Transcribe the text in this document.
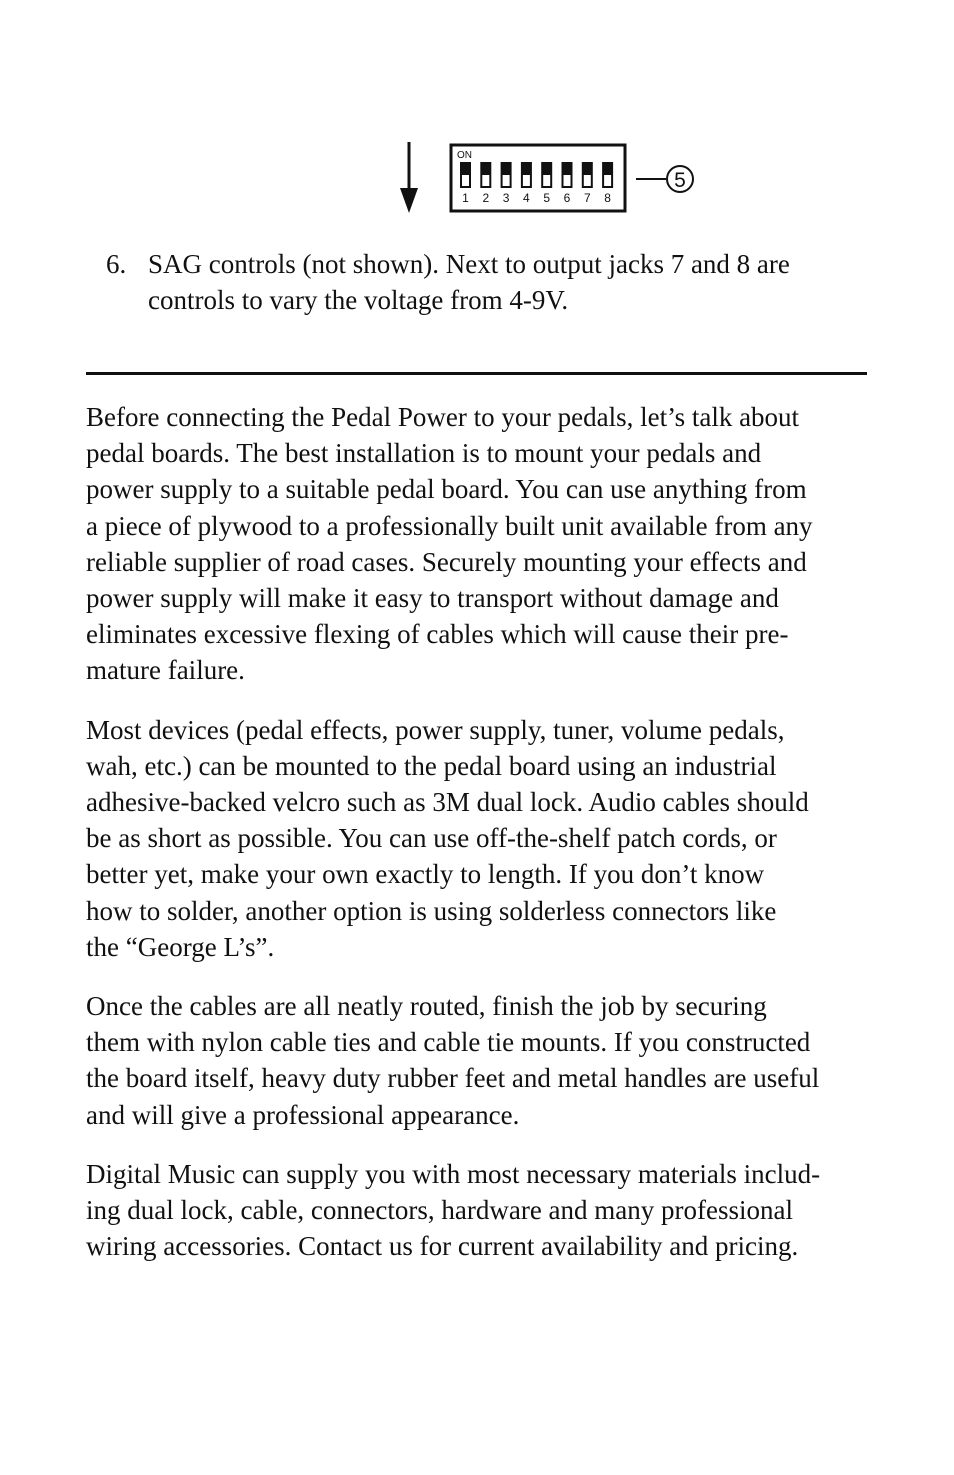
ON
1 2 3 4 5 6 7 8
5
6. SAG controls (not shown). Next to output jacks 7 and 8 are
controls to vary the voltage from 4-9V.

Before connecting the Pedal Power to your pedals, let’s talk about
pedal boards. The best installation is to mount your pedals and
power supply to a suitable pedal board. You can use anything from
a piece of plywood to a professionally built unit available from any
reliable supplier of road cases. Securely mounting your effects and
power supply will make it easy to transport without damage and
eliminates excessive flexing of cables which will cause their pre-
mature failure.

Most devices (pedal effects, power supply, tuner, volume pedals,
wah, etc.) can be mounted to the pedal board using an industrial
adhesive-backed velcro such as 3M dual lock. Audio cables should
be as short as possible. You can use off-the-shelf patch cords, or
better yet, make your own exactly to length. If you don’t know
how to solder, another option is using solderless connectors like
the “George L’s”.

Once the cables are all neatly routed, finish the job by securing
them with nylon cable ties and cable tie mounts. If you constructed
the board itself, heavy duty rubber feet and metal handles are useful
and will give a professional appearance.

Digital Music can supply you with most necessary materials includ-
ing dual lock, cable, connectors, hardware and many professional
wiring accessories. Contact us for current availability and pricing.
